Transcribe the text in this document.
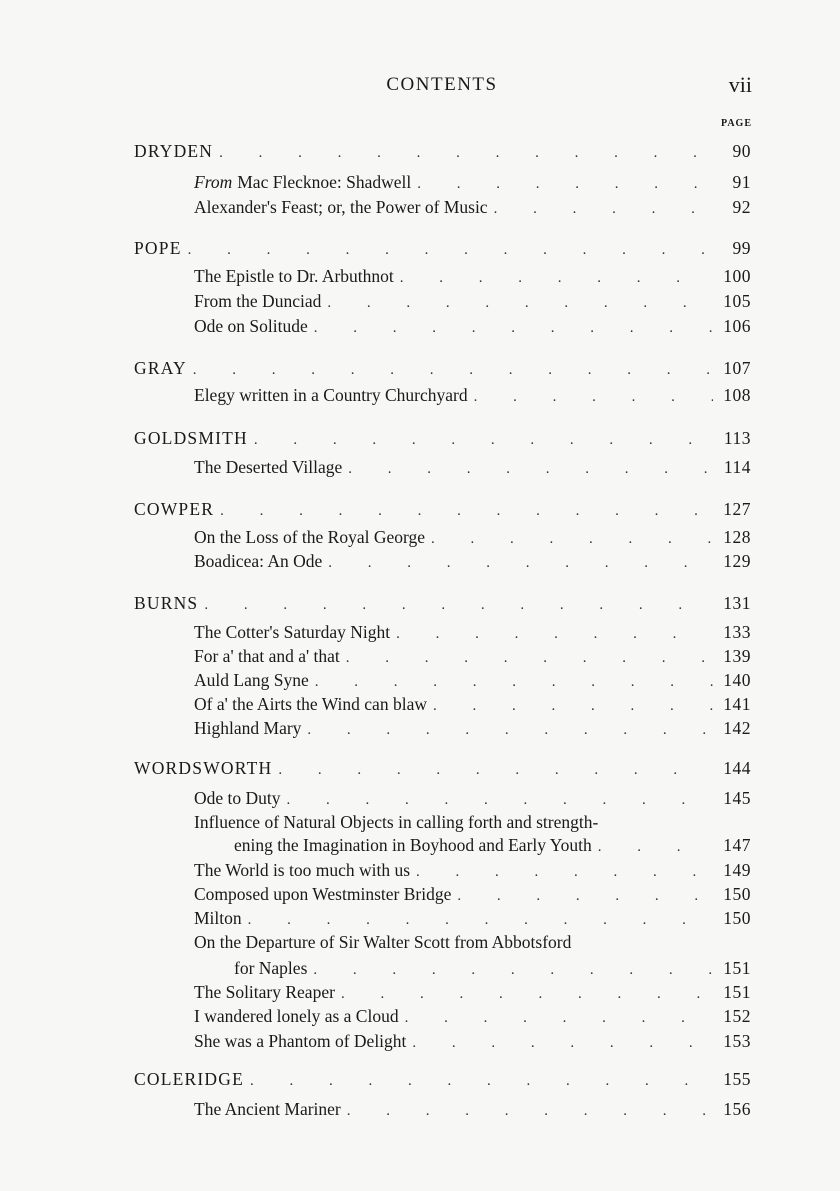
CONTENTS	vii
PAGE
DRYDEN . . .	90
From Mac Flecknoe: Shadwell . . .	91
Alexander's Feast; or, the Power of Music . . .	92
POPE . . .	99
The Epistle to Dr. Arbuthnot . . .	100
From the Dunciad . . .	105
Ode on Solitude . . .	106
GRAY . . .	107
Elegy written in a Country Churchyard . . .	108
GOLDSMITH . . .	113
The Deserted Village . . .	114
COWPER . . .	127
On the Loss of the Royal George . . .	128
Boadicea: An Ode . . .	129
BURNS . . .	131
The Cotter's Saturday Night . . .	133
For a' that and a' that . . .	139
Auld Lang Syne . . .	140
Of a' the Airts the Wind can blaw . . .	141
Highland Mary . . .	142
WORDSWORTH . . .	144
Ode to Duty . . .	145
Influence of Natural Objects in calling forth and strength-
ening the Imagination in Boyhood and Early Youth . . .	147
The World is too much with us . . .	149
Composed upon Westminster Bridge . . .	150
Milton . . .	150
On the Departure of Sir Walter Scott from Abbotsford
for Naples . . .	151
The Solitary Reaper . . .	151
I wandered lonely as a Cloud . . .	152
She was a Phantom of Delight . . .	153
COLERIDGE . . .	155
The Ancient Mariner . . .	156
